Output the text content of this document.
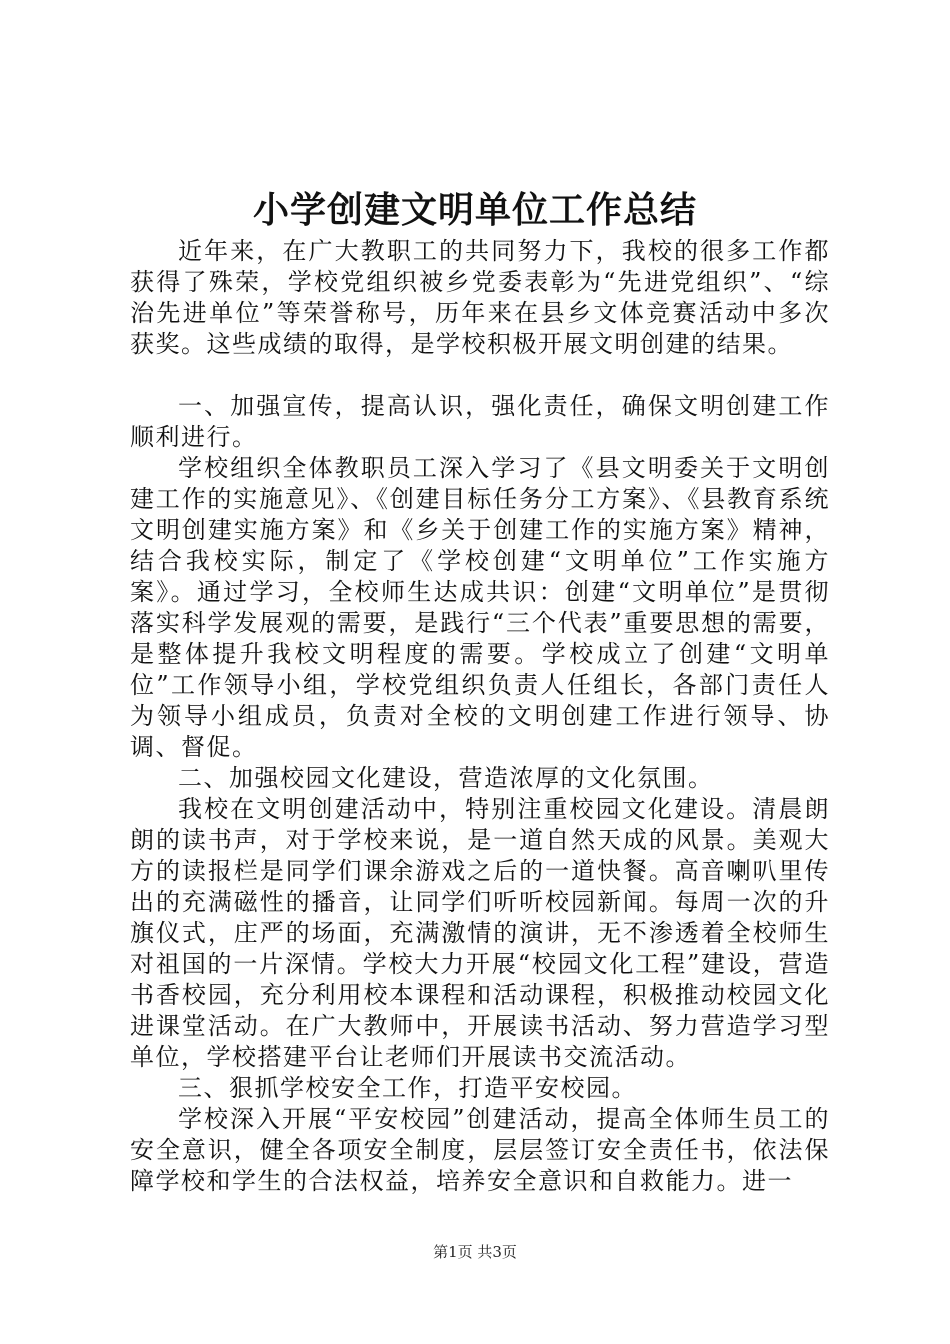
小学创建文明单位工作总结

近年来，在广大教职工的共同努力下，我校的很多工作都获得了殊荣，学校党组织被乡党委表彰为“先进党组织”、“综治先进单位”等荣誉称号，历年来在县乡文体竞赛活动中多次获奖。这些成绩的取得，是学校积极开展文明创建的结果。

一、加强宣传，提高认识，强化责任，确保文明创建工作顺利进行。

学校组织全体教职员工深入学习了《县文明委关于文明创建工作的实施意见》、《创建目标任务分工方案》、《县教育系统文明创建实施方案》和《乡关于创建工作的实施方案》精神，结合我校实际，制定了《学校创建“文明单位”工作实施方案》。通过学习，全校师生达成共识：创建“文明单位”是贯彻落实科学发展观的需要，是践行“三个代表”重要思想的需要，是整体提升我校文明程度的需要。学校成立了创建“文明单位”工作领导小组，学校党组织负责人任组长，各部门责任人为领导小组成员，负责对全校的文明创建工作进行领导、协调、督促。

二、加强校园文化建设，营造浓厚的文化氛围。

我校在文明创建活动中，特别注重校园文化建设。清晨朗朗的读书声，对于学校来说，是一道自然天成的风景。美观大方的读报栏是同学们课余游戏之后的一道快餐。高音喇叭里传出的充满磁性的播音，让同学们听听校园新闻。每周一次的升旗仪式，庄严的场面，充满激情的演讲，无不渗透着全校师生对祖国的一片深情。学校大力开展“校园文化工程”建设，营造书香校园，充分利用校本课程和活动课程，积极推动校园文化进课堂活动。在广大教师中，开展读书活动、努力营造学习型单位，学校搭建平台让老师们开展读书交流活动。

三、狠抓学校安全工作，打造平安校园。

学校深入开展“平安校园”创建活动，提高全体师生员工的安全意识，健全各项安全制度，层层签订安全责任书，依法保障学校和学生的合法权益，培养安全意识和自救能力。进一

第1页 共3页
